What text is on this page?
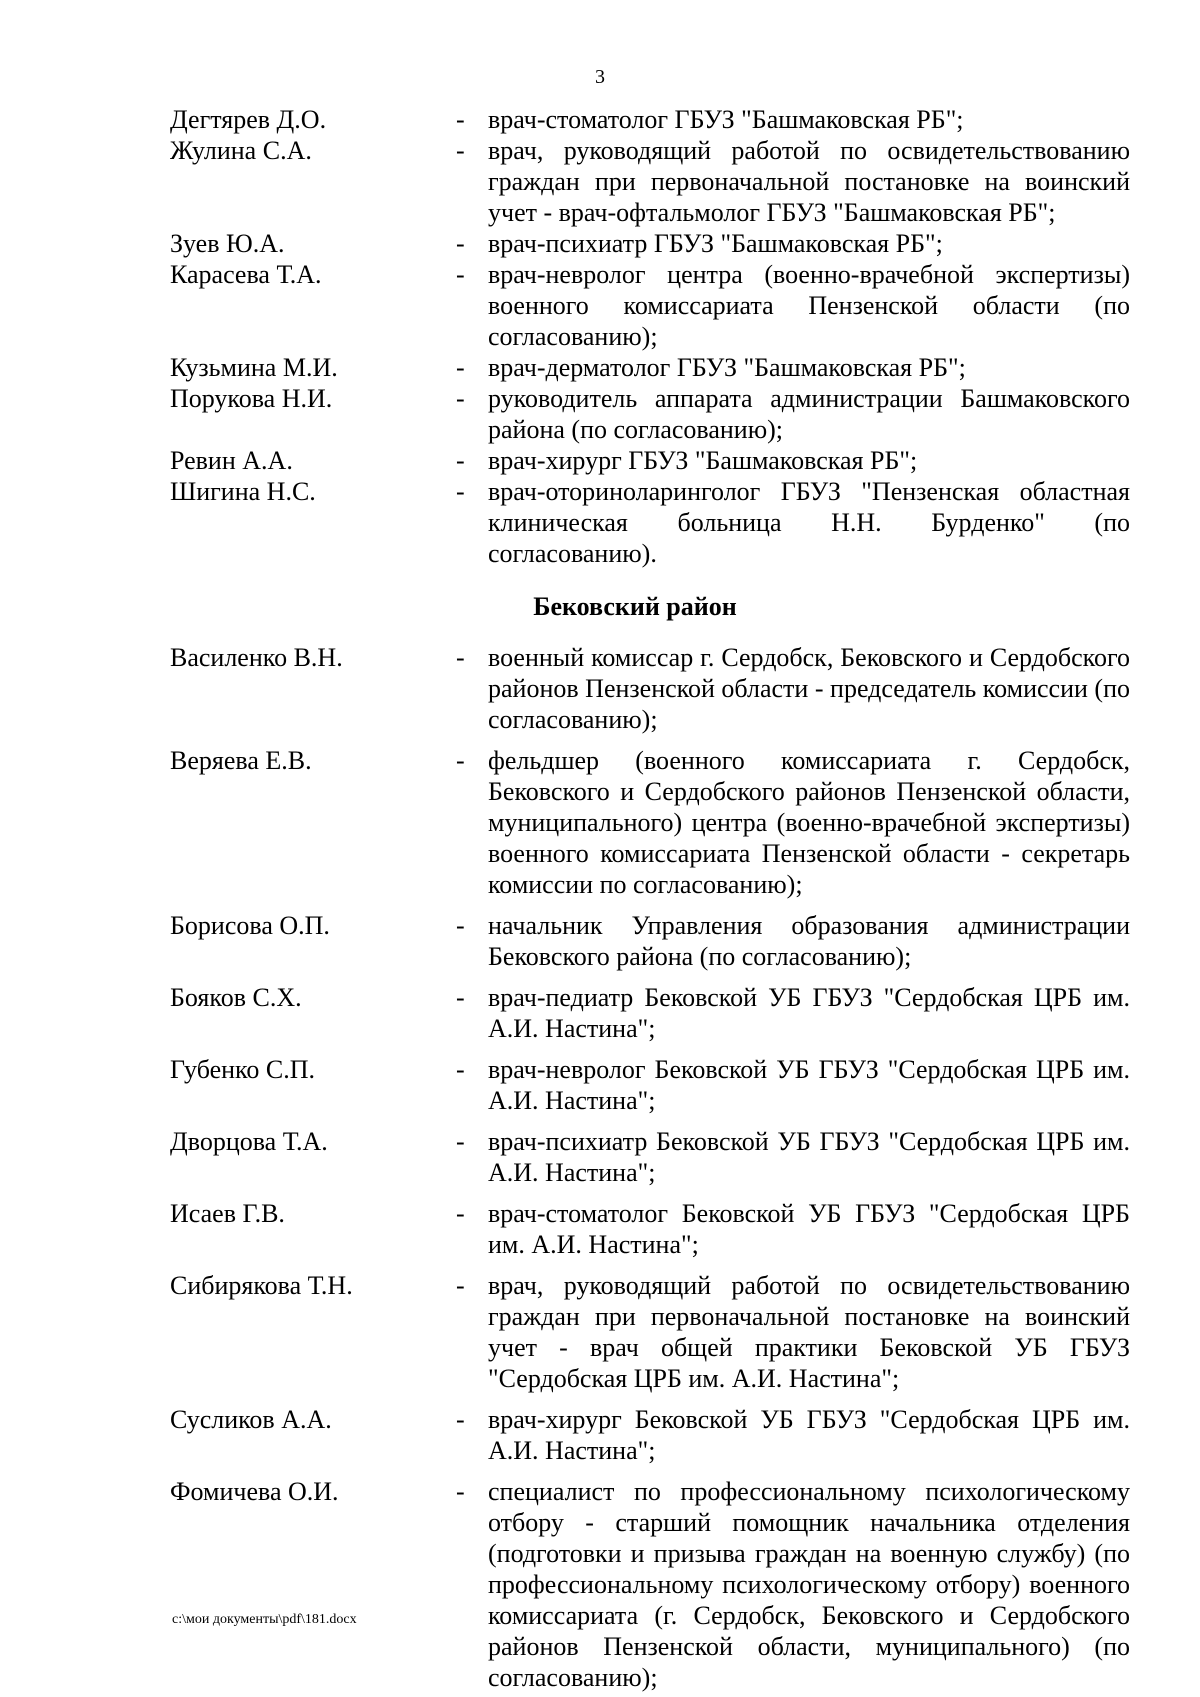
3
Дегтярев Д.О.	- врач-стоматолог ГБУЗ "Башмаковская РБ";
Жулина С.А.	- врач, руководящий работой по освидетельствованию граждан при первоначальной постановке на воинский учет - врач-офтальмолог ГБУЗ "Башмаковская РБ";
Зуев Ю.А.	- врач-психиатр ГБУЗ "Башмаковская РБ";
Карасева Т.А.	- врач-невролог центра (военно-врачебной экспертизы) военного комиссариата Пензенской области (по согласованию);
Кузьмина М.И.	- врач-дерматолог ГБУЗ "Башмаковская РБ";
Порукова Н.И.	- руководитель аппарата администрации Башмаковского района (по согласованию);
Ревин А.А.	- врач-хирург ГБУЗ "Башмаковская РБ";
Шигина Н.С.	- врач-оториноларинголог ГБУЗ "Пензенская областная клиническая больница Н.Н. Бурденко" (по согласованию).
Бековский район
Василенко В.Н.	- военный комиссар г. Сердобск, Бековского и Сердобского районов Пензенской области - председатель комиссии (по согласованию);
Веряева Е.В.	- фельдшер (военного комиссариата г. Сердобск, Бековского и Сердобского районов Пензенской области, муниципального) центра (военно-врачебной экспертизы) военного комиссариата Пензенской области - секретарь комиссии по согласованию);
Борисова О.П.	- начальник Управления образования администрации Бековского района (по согласованию);
Бояков С.Х.	- врач-педиатр Бековской УБ ГБУЗ "Сердобская ЦРБ им. А.И. Настина";
Губенко С.П.	- врач-невролог Бековской УБ ГБУЗ "Сердобская ЦРБ им. А.И. Настина";
Дворцова Т.А.	- врач-психиатр Бековской УБ ГБУЗ "Сердобская ЦРБ им. А.И. Настина";
Исаев Г.В.	- врач-стоматолог Бековской УБ ГБУЗ "Сердобская ЦРБ им. А.И. Настина";
Сибирякова Т.Н.	- врач, руководящий работой по освидетельствованию граждан при первоначальной постановке на воинский учет - врач общей практики Бековской УБ ГБУЗ "Сердобская ЦРБ им. А.И. Настина";
Сусликов А.А.	- врач-хирург Бековской УБ ГБУЗ "Сердобская ЦРБ им. А.И. Настина";
Фомичева О.И.	- специалист по профессиональному психологическому отбору - старший помощник начальника отделения (подготовки и призыва граждан на военную службу) (по профессиональному психологическому отбору) военного комиссариата (г. Сердобск, Бековского и Сердобского районов Пензенской области, муниципального) (по согласованию);
c:\мои документы\pdf\181.docx
